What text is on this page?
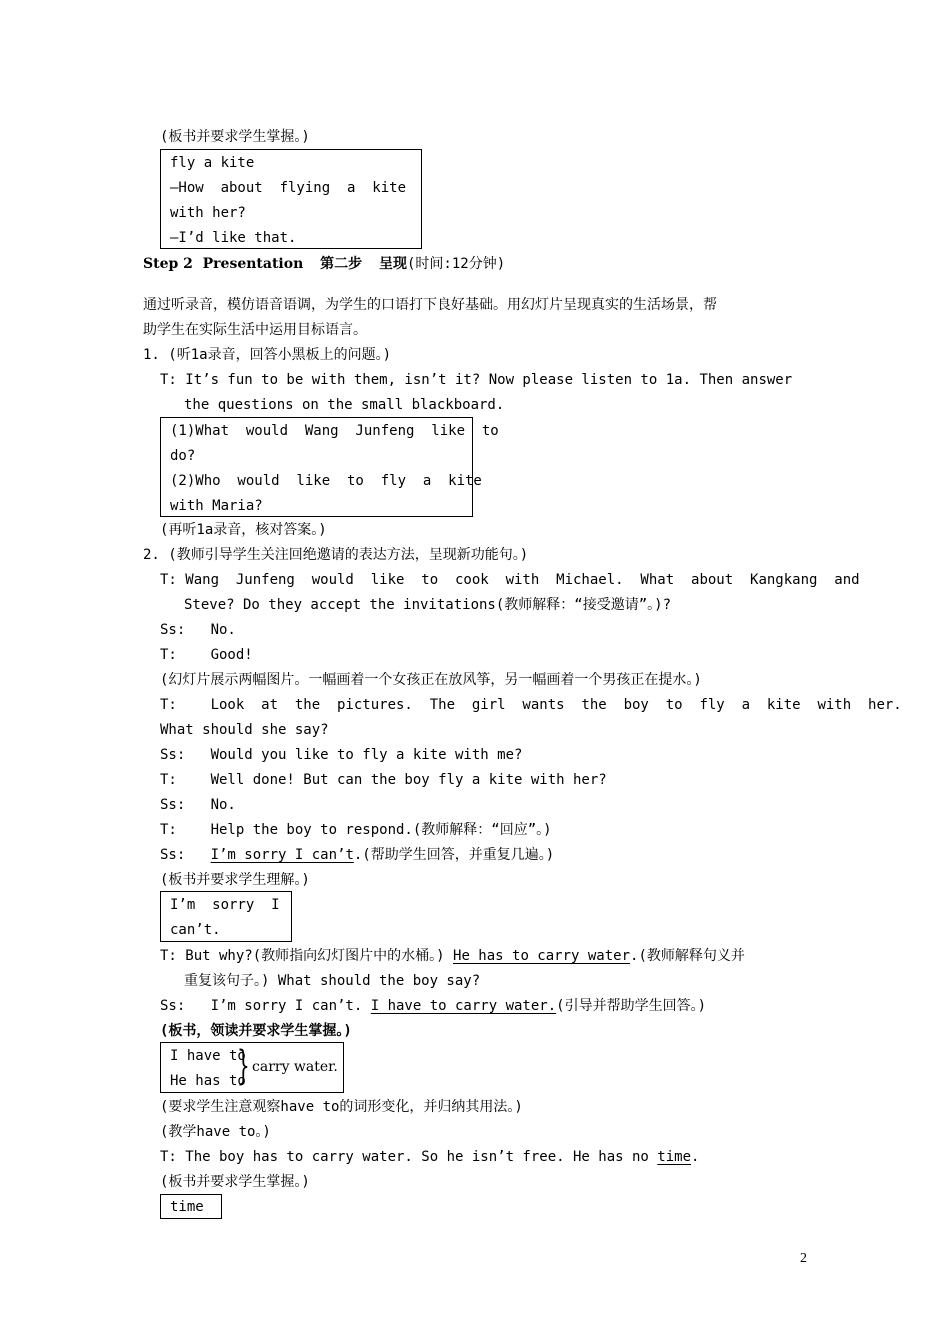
(板书并要求学生掌握。)
fly a kite
—How  about  flying  a  kite
with her?
—I’d like that.
Step 2  Presentation 第二步  呈现(时间:12分钟)
通过听录音，模仿语音语调，为学生的口语打下良好基础。用幻灯片呈现真实的生活场景，帮
助学生在实际生活中运用目标语言。
1. (听1a录音，回答小黑板上的问题。)
T: It’s fun to be with them, isn’t it? Now please listen to 1a. Then answer
the questions on the small blackboard.
(1)What  would  Wang  Junfeng  like  to
do?
(2)Who  would  like  to  fly  a  kite
with Maria?
(再听1a录音，核对答案。)
2. (教师引导学生关注回绝邀请的表达方法，呈现新功能句。)
T: Wang  Junfeng  would  like  to  cook  with  Michael.  What  about  Kangkang  and
Steve? Do they accept the invitations(教师解释：“接受邀请”。)?
Ss:   No.
T:    Good!
(幻灯片展示两幅图片。一幅画着一个女孩正在放风筝，另一幅画着一个男孩正在提水。)
T:    Look  at  the  pictures.  The  girl  wants  the  boy  to  fly  a  kite  with  her.
What should she say?
Ss:   Would you like to fly a kite with me?
T:    Well done! But can the boy fly a kite with her?
Ss:   No.
T:    Help the boy to respond.(教师解释：“回应”。)
Ss:   I’m sorry I can’t.(帮助学生回答，并重复几遍。)
(板书并要求学生理解。)
I’m  sorry  I
can’t.
T: But why?(教师指向幻灯图片中的水桶。) He has to carry water.(教师解释句义并
重复该句子。) What should the boy say?
Ss:   I’m sorry I can’t. I have to carry water.(引导并帮助学生回答。)
(板书，领读并要求学生掌握。)
I have to
He has to
} carry water.
(要求学生注意观察have to的词形变化，并归纳其用法。)
(教学have to。)
T: The boy has to carry water. So he isn’t free. He has no time.
(板书并要求学生掌握。)
time
2
